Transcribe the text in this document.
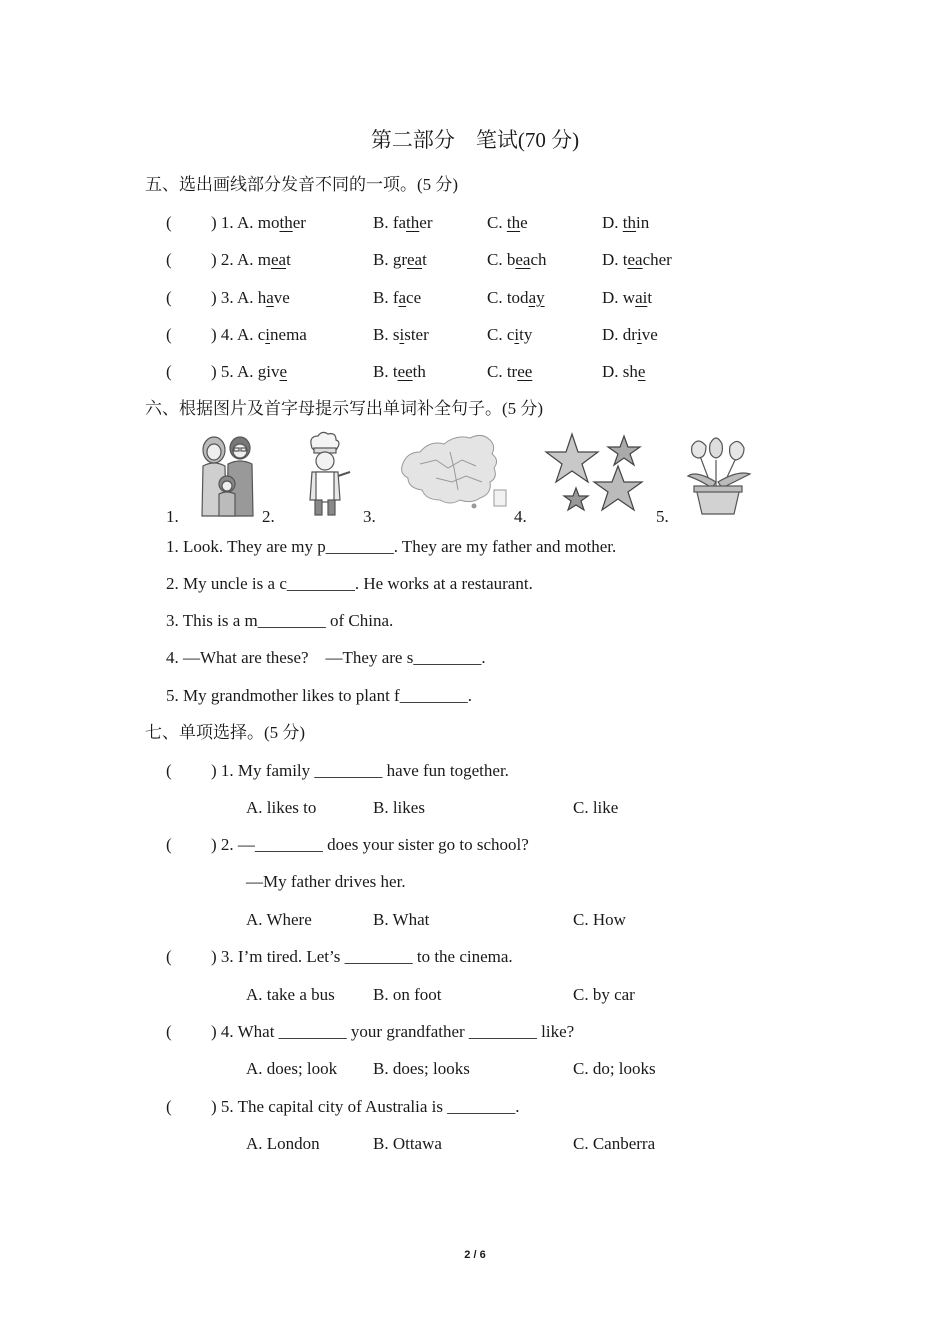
第二部分　笔试(70 分)
五、选出画线部分发音不同的一项。(5 分)
( ) 1. A. mother	B. father	C. the	D. thin
( ) 2. A. meat	B. great	C. beach	D. teacher
( ) 3. A. have	B. face	C. today	D. wait
( ) 4. A. cinema	B. sister	C. city	D. drive
( ) 5. A. give	B. teeth	C. tree	D. she
六、根据图片及首字母提示写出单词补全句子。(5 分)
1.	2.	3.	4.	5.
1. Look. They are my p________. They are my father and mother.
2. My uncle is a c________. He works at a restaurant.
3. This is a m________ of China.
4. —What are these?　—They are s________.
5. My grandmother likes to plant f________.
七、单项选择。(5 分)
( ) 1. My family ________ have fun together.
A. likes to	B. likes	C. like
( ) 2. —________ does your sister go to school?
—My father drives her.
A. Where	B. What	C. How
( ) 3. I’m tired. Let’s ________ to the cinema.
A. take a bus B. on foot	C. by car
( ) 4. What ________ your grandfather ________ like?
A. does; look B. does; looks	C. do; looks
( ) 5. The capital city of Australia is ________.
A. London	B. Ottawa	C. Canberra
2 / 6
